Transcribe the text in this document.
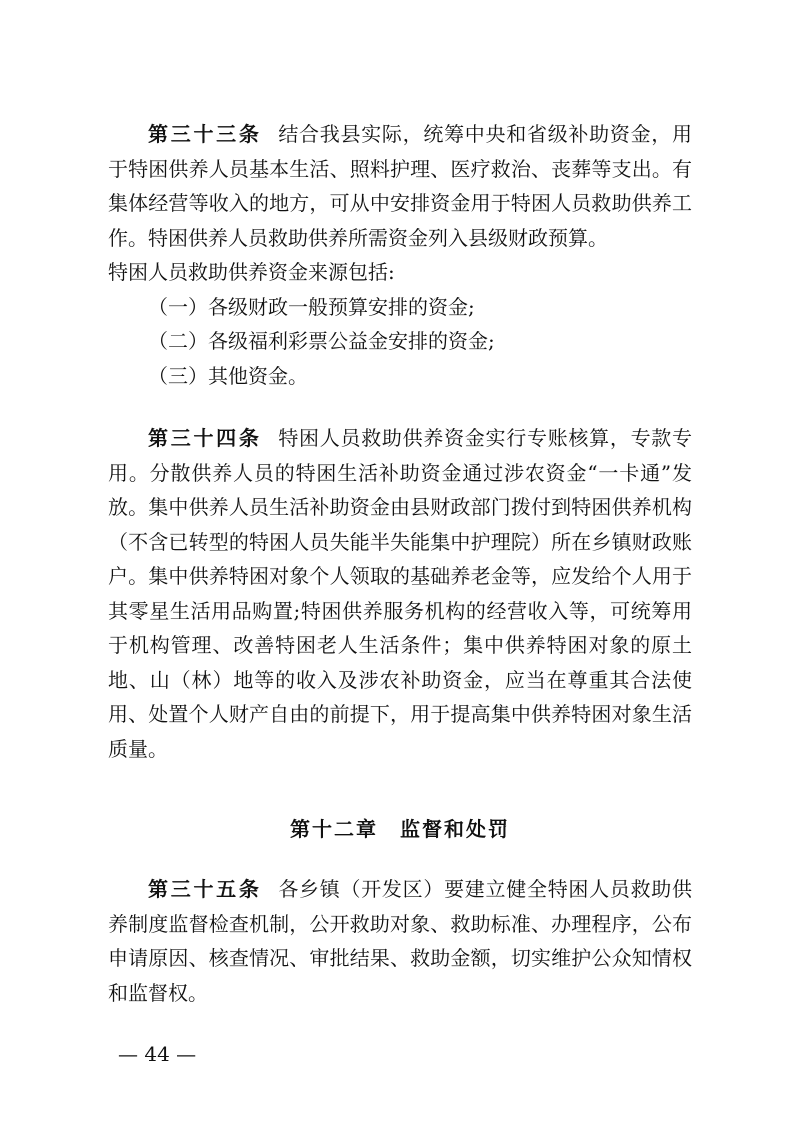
第三十三条 结合我县实际，统筹中央和省级补助资金，用于特困供养人员基本生活、照料护理、医疗救治、丧葬等支出。有集体经营等收入的地方，可从中安排资金用于特困人员救助供养工作。特困供养人员救助供养所需资金列入县级财政预算。

特困人员救助供养资金来源包括:

（一）各级财政一般预算安排的资金;

（二）各级福利彩票公益金安排的资金;

（三）其他资金。

第三十四条 特困人员救助供养资金实行专账核算，专款专用。分散供养人员的特困生活补助资金通过涉农资金“一卡通”发放。集中供养人员生活补助资金由县财政部门拨付到特困供养机构（不含已转型的特困人员失能半失能集中护理院）所在乡镇财政账户。集中供养特困对象个人领取的基础养老金等，应发给个人用于其零星生活用品购置;特困供养服务机构的经营收入等，可统筹用于机构管理、改善特困老人生活条件；集中供养特困对象的原土地、山（林）地等的收入及涉农补助资金，应当在尊重其合法使用、处置个人财产自由的前提下，用于提高集中供养特困对象生活质量。

第十二章　监督和处罚

第三十五条 各乡镇（开发区）要建立健全特困人员救助供养制度监督检查机制，公开救助对象、救助标准、办理程序，公布申请原因、核查情况、审批结果、救助金额，切实维护公众知情权和监督权。

— 44 —
